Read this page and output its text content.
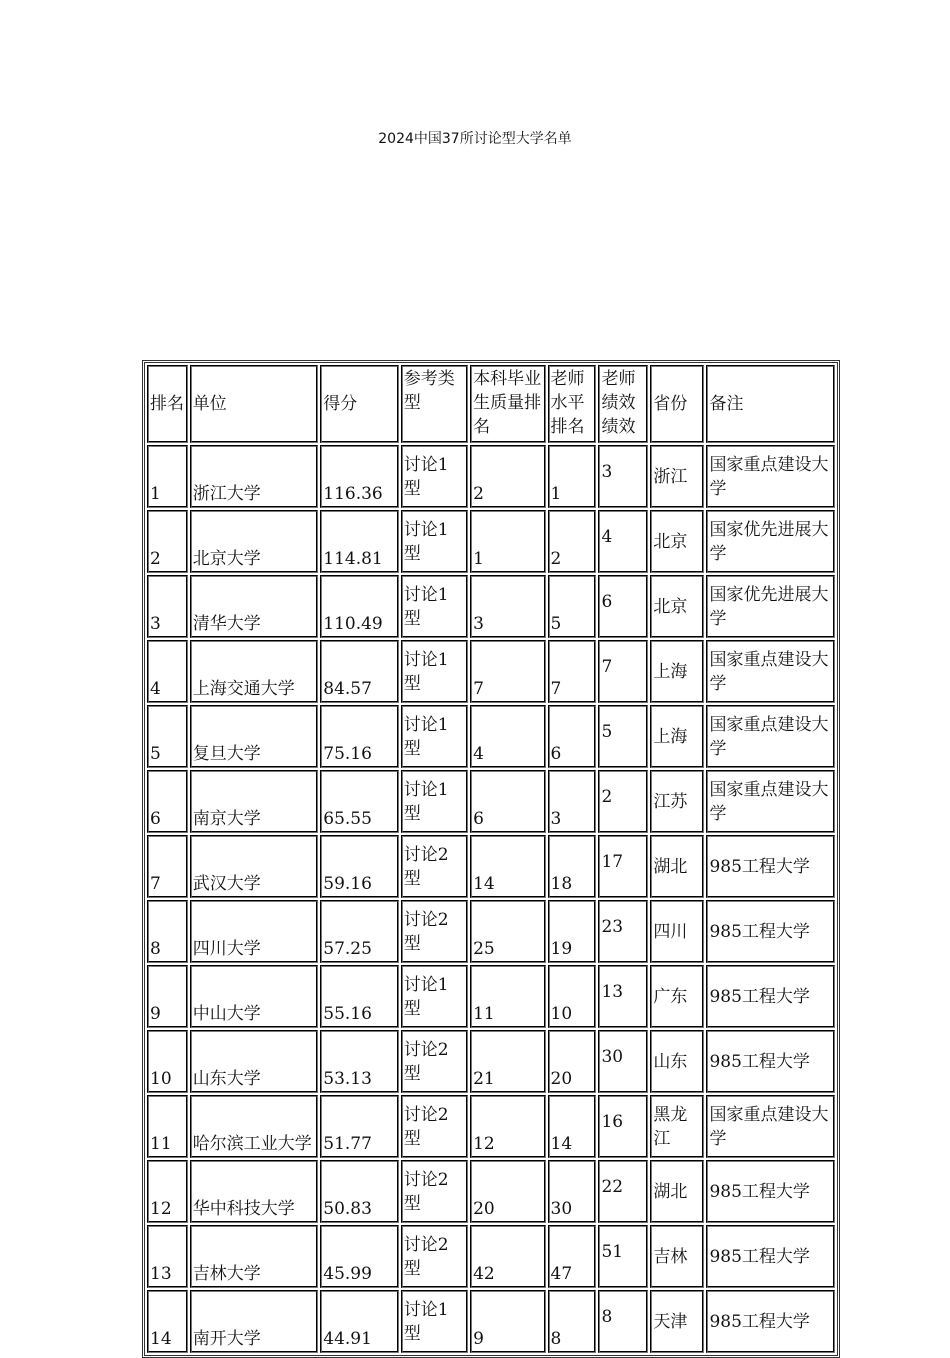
2024中国37所讨论型大学名单
排名	单位	得分	参考类型	本科毕业生质量排名	老师水平排名	老师绩效绩效	省份	备注
1	浙江大学	116.36	讨论1型	2	1	3	浙江	国家重点建设大学
2	北京大学	114.81	讨论1型	1	2	4	北京	国家优先进展大学
3	清华大学	110.49	讨论1型	3	5	6	北京	国家优先进展大学
4	上海交通大学	84.57	讨论1型	7	7	7	上海	国家重点建设大学
5	复旦大学	75.16	讨论1型	4	6	5	上海	国家重点建设大学
6	南京大学	65.55	讨论1型	6	3	2	江苏	国家重点建设大学
7	武汉大学	59.16	讨论2型	14	18	17	湖北	985工程大学
8	四川大学	57.25	讨论2型	25	19	23	四川	985工程大学
9	中山大学	55.16	讨论1型	11	10	13	广东	985工程大学
10	山东大学	53.13	讨论2型	21	20	30	山东	985工程大学
11	哈尔滨工业大学	51.77	讨论2型	12	14	16	黑龙江	国家重点建设大学
12	华中科技大学	50.83	讨论2型	20	30	22	湖北	985工程大学
13	吉林大学	45.99	讨论2型	42	47	51	吉林	985工程大学
14	南开大学	44.91	讨论1型	9	8	8	天津	985工程大学
